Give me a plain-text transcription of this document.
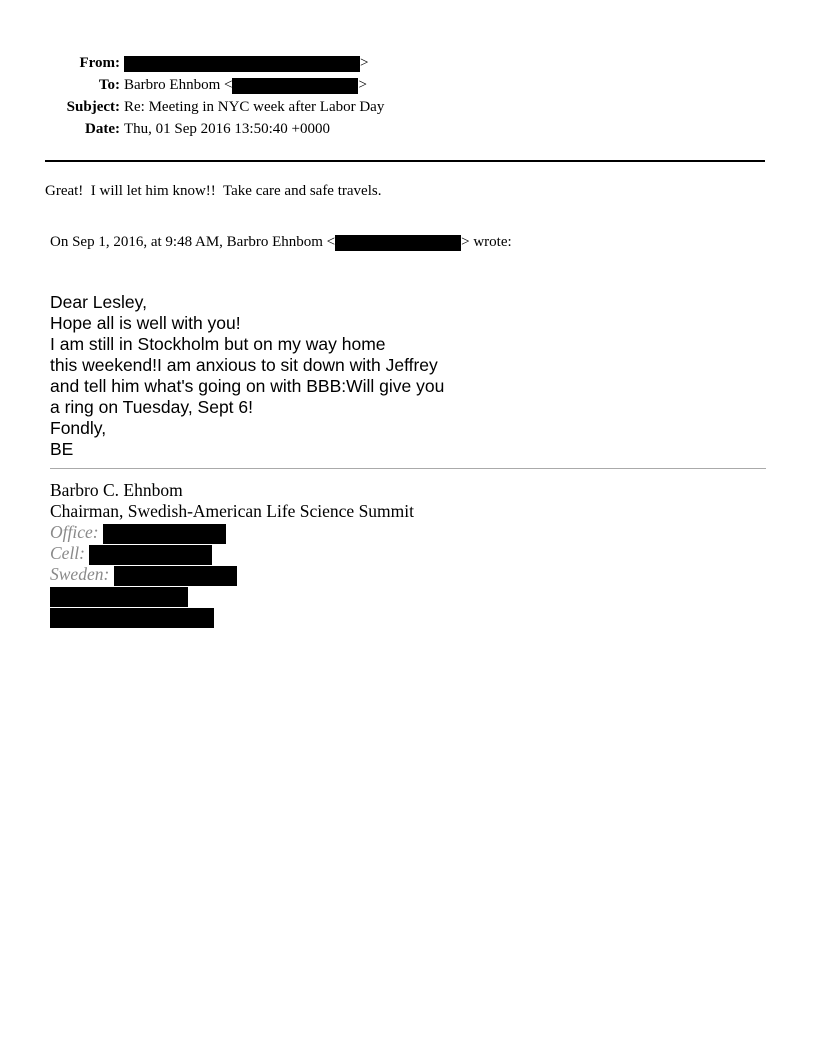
From:	>
To: Barbro Ehnbom <	>
Subject: Re: Meeting in NYC week after Labor Day
Date: Thu, 01 Sep 2016 13:50:40 +0000
Great!  I will let him know!!  Take care and safe travels.
On Sep 1, 2016, at 9:48 AM, Barbro Ehnbom <	> wrote:
Dear Lesley,
Hope all is well with you!
I am still in Stockholm but on my way home
this weekend!I am anxious to sit down with Jeffrey
and tell him what's going on with BBB:Will give you
a ring on Tuesday, Sept 6!
Fondly,
BE
Barbro C. Ehnbom
Chairman, Swedish-American Life Science Summit
Office:
Cell:
Sweden:
